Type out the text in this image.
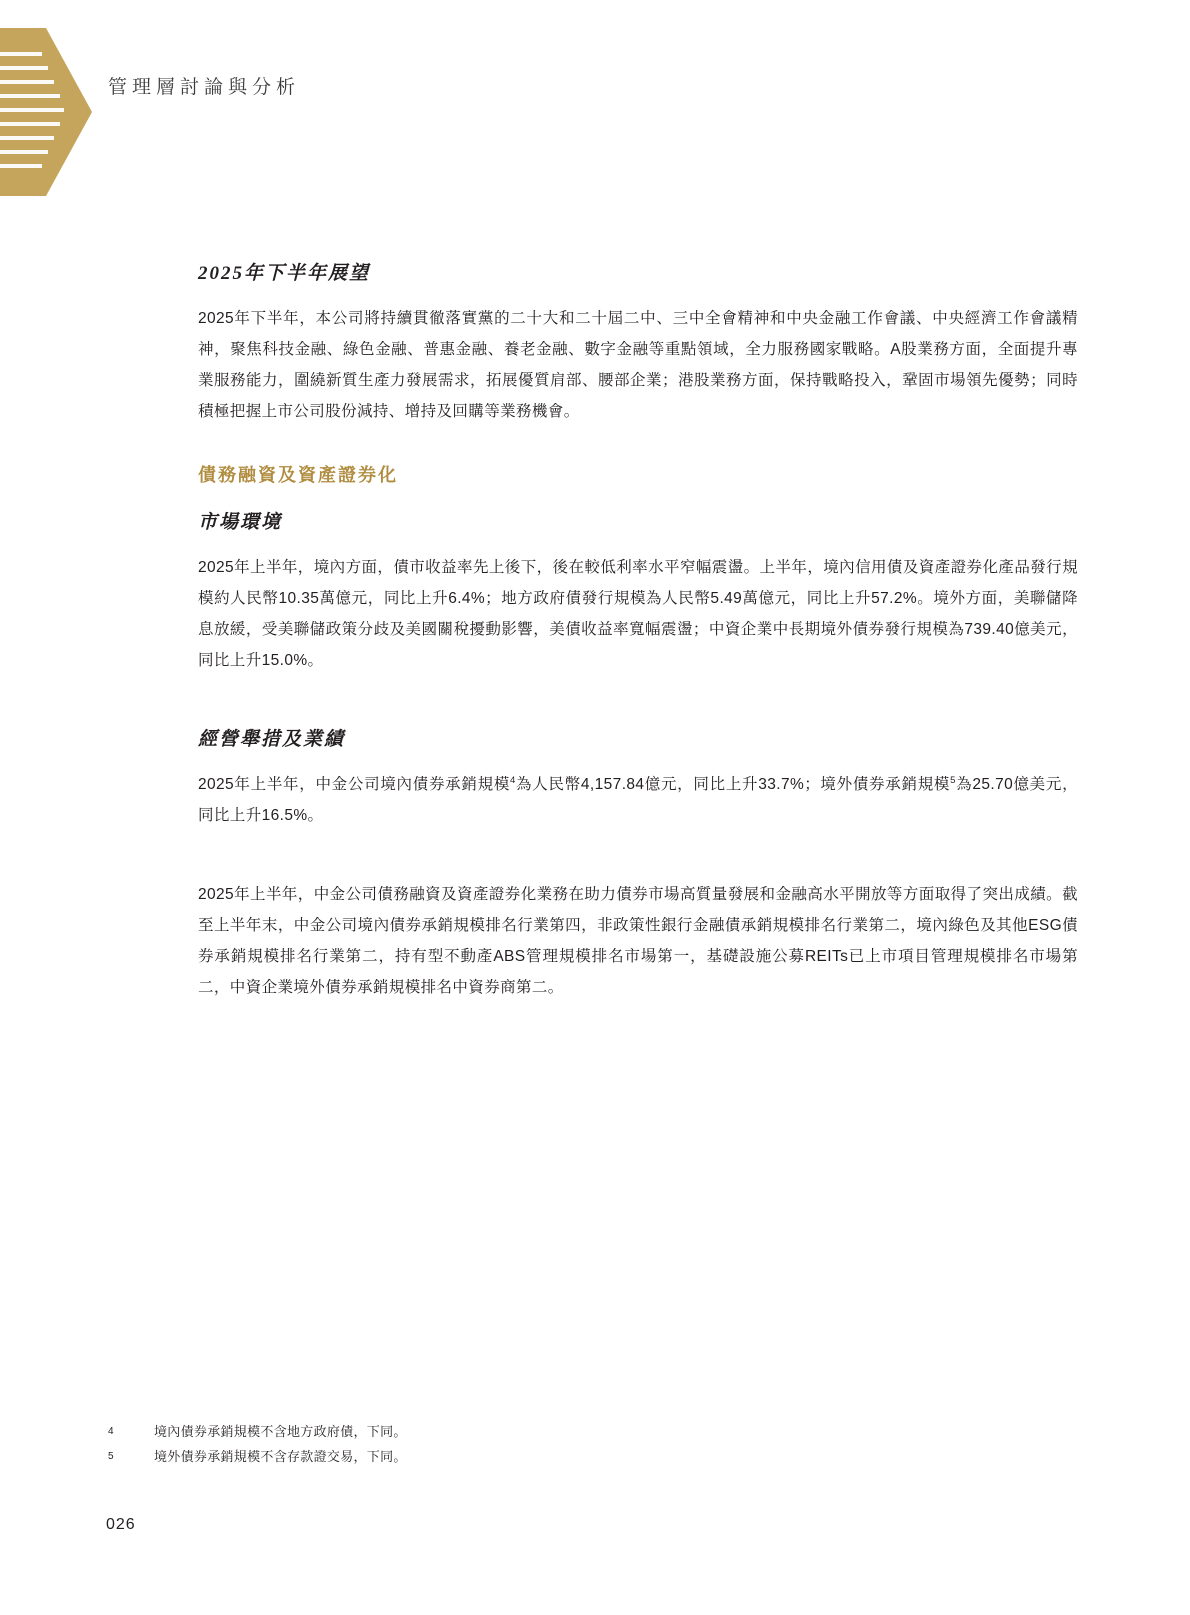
管理層討論與分析
2025年下半年展望

2025年下半年，本公司將持續貫徹落實黨的二十大和二十屆二中、三中全會精神和中央金融工作會議、中央經濟工作會議精神，聚焦科技金融、綠色金融、普惠金融、養老金融、數字金融等重點領域，全力服務國家戰略。A股業務方面，全面提升專業服務能力，圍繞新質生產力發展需求，拓展優質肩部、腰部企業；港股業務方面，保持戰略投入，鞏固市場領先優勢；同時積極把握上市公司股份減持、增持及回購等業務機會。

債務融資及資產證券化
市場環境

2025年上半年，境內方面，債市收益率先上後下，後在較低利率水平窄幅震盪。上半年，境內信用債及資產證券化產品發行規模約人民幣10.35萬億元，同比上升6.4%；地方政府債發行規模為人民幣5.49萬億元，同比上升57.2%。境外方面，美聯儲降息放緩，受美聯儲政策分歧及美國關稅擾動影響，美債收益率寬幅震盪；中資企業中長期境外債券發行規模為739.40億美元，同比上升15.0%。

經營舉措及業績

2025年上半年，中金公司境內債券承銷規模$^4$為人民幣4,157.84億元，同比上升33.7%；境外債券承銷規模$^5$為25.70億美元，同比上升16.5%。

2025年上半年，中金公司債務融資及資產證券化業務在助力債券市場高質量發展和金融高水平開放等方面取得了突出成績。截至上半年末，中金公司境內債券承銷規模排名行業第四，非政策性銀行金融債承銷規模排名行業第二，境內綠色及其他ESG債券承銷規模排名行業第二，持有型不動產ABS管理規模排名市場第一，基礎設施公募REITs已上市項目管理規模排名市場第二，中資企業境外債券承銷規模排名中資券商第二。

4	境內債券承銷規模不含地方政府債，下同。
5	境外債券承銷規模不含存款證交易，下同。
026
